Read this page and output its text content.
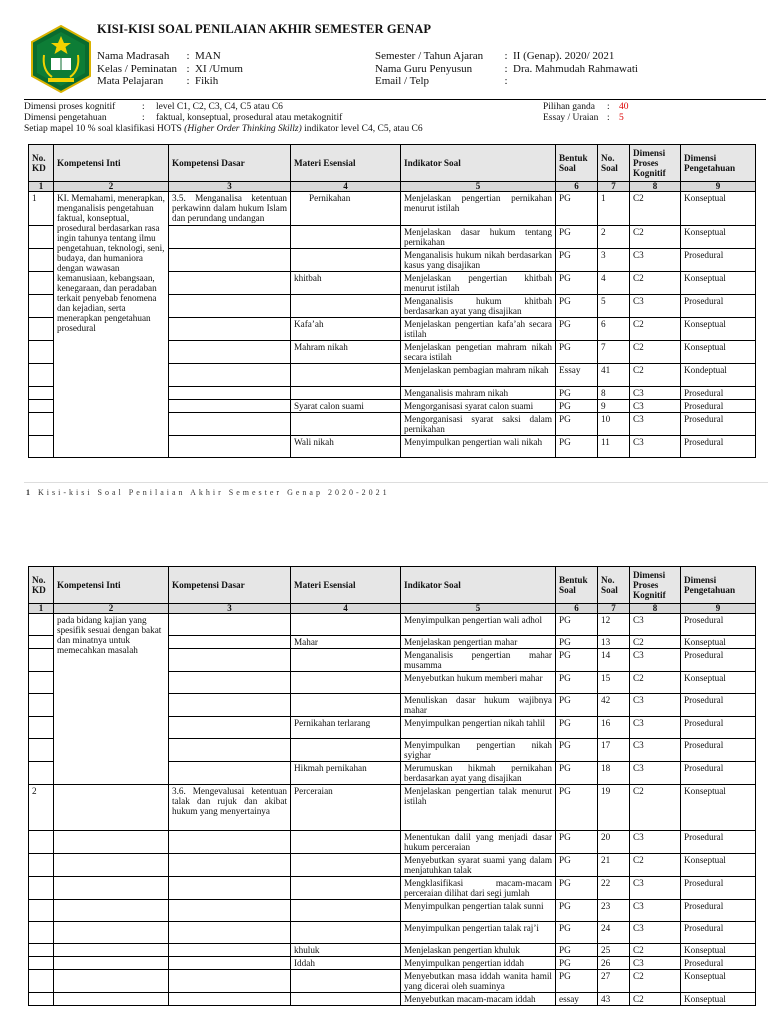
KISI-KISI SOAL PENILAIAN AKHIR SEMESTER GENAP
Nama Madrasah	: MAN
Kelas / Peminatan : XI /Umum
Mata Pelajaran	: Fikih
Semester / Tahun Ajaran	: II (Genap). 2020/ 2021
Nama Guru Penyusun	: Dra. Mahmudah Rahmawati
Email / Telp	:
Dimensi proses kognitif	: level C1, C2, C3, C4, C5 atau C6
Dimensi pengetahuan	: faktual, konseptual, prosedural atau metakognitif
Setiap mapel 10 % soal klasifikasi HOTS (Higher Order Thinking Skillz) indikator level C4, C5, atau C6
Pilihan ganda : 40
Essay / Uraian : 5
No. KD	Kompetensi Inti	Kompetensi Dasar	Materi Esensial	Indikator Soal	Bentuk Soal	No. Soal	Dimensi Proses Kognitif	Dimensi Pengetahuan
1	2	3	4	5	6	7	8	9
1	KI. Memahami, menerapkan, menganalisis pengetahuan faktual, konseptual, prosedural berdasarkan rasa ingin tahunya tentang ilmu pengetahuan, teknologi, seni, budaya, dan humaniora dengan wawasan kemanusiaan, kebangsaan, kenegaraan, dan peradaban terkait penyebab fenomena dan kejadian, serta menerapkan pengetahuan prosedural	3.5. Menganalisa ketentuan perkawinn dalam hukum Islam dan perundang undangan	Pernikahan	Menjelaskan pengertian pernikahan menurut istilah	PG	1	C2	Konseptual
				Menjelaskan dasar hukum tentang pernikahan	PG	2	C2	Konseptual
				Menganalisis hukum nikah berdasarkan kasus yang disajikan	PG	3	C3	Prosedural
			khitbah	Menjelaskan pengertian khitbah menurut istilah	PG	4	C2	Konseptual
				Menganalisis hukum khitbah berdasarkan ayat yang disajikan	PG	5	C3	Prosedural
			Kafa’ah	Menjelaskan pengertian kafa’ah secara istilah	PG	6	C2	Konseptual
			Mahram nikah	Menjelaskan pengetian mahram nikah secara istilah	PG	7	C2	Konseptual
				Menjelaskan pembagian mahram nikah	Essay	41	C2	Kondeptual
				Menganalisis mahram nikah	PG	8	C3	Prosedural
			Syarat calon suami	Mengorganisasi syarat calon suami	PG	9	C3	Prosedural
				Mengorganisasi syarat saksi dalam pernikahan	PG	10	C3	Prosedural
			Wali nikah	Menyimpulkan pengertian wali nikah	PG	11	C3	Prosedural
1 Kisi-kisi Soal Penilaian Akhir Semester Genap 2020-2021
No. KD	Kompetensi Inti	Kompetensi Dasar	Materi Esensial	Indikator Soal	Bentuk Soal	No. Soal	Dimensi Proses Kognitif	Dimensi Pengetahuan
1	2	3	4	5	6	7	8	9
	pada bidang kajian yang spesifik sesuai dengan bakat dan minatnya untuk memecahkan masalah			Menyimpulkan pengertian wali adhol	PG	12	C3	Prosedural
			Mahar	Menjelaskan pengertian mahar	PG	13	C2	Konseptual
				Menganalisis pengertian mahar musamma	PG	14	C3	Prosedural
				Menyebutkan hukum memberi mahar	PG	15	C2	Konseptual
				Menuliskan dasar hukum wajibnya mahar	PG	42	C3	Prosedural
			Pernikahan terlarang	Menyimpulkan pengertian nikah tahlil	PG	16	C3	Prosedural
				Menyimpulkan pengertian nikah syighar	PG	17	C3	Prosedural
			Hikmah pernikahan	Merumuskan hikmah pernikahan berdasarkan ayat yang disajikan	PG	18	C3	Prosedural
2		3.6. Mengevalusai ketentuan talak dan rujuk dan akibat hukum yang menyertainya	Perceraian	Menjelaskan pengertian talak menurut istilah	PG	19	C2	Konseptual
				Menentukan dalil yang menjadi dasar hukum perceraian	PG	20	C3	Prosedural
				Menyebutkan syarat suami yang dalam menjatuhkan talak	PG	21	C2	Konseptual
				Mengklasifikasi macam-macam perceraian dilihat dari segi jumlah	PG	22	C3	Prosedural
				Menyimpulkan pengertian talak sunni	PG	23	C3	Prosedural
				Menyimpulkan pengertian talak raj’i	PG	24	C3	Prosedural
			khuluk	Menjelaskan pengertian khuluk	PG	25	C2	Konseptual
			Iddah	Menyimpulkan pengertian iddah	PG	26	C3	Prosedural
				Menyebutkan masa iddah wanita hamil yang dicerai oleh suaminya	PG	27	C2	Konseptual
				Menyebutkan macam-macam iddah	essay	43	C2	Konseptual
